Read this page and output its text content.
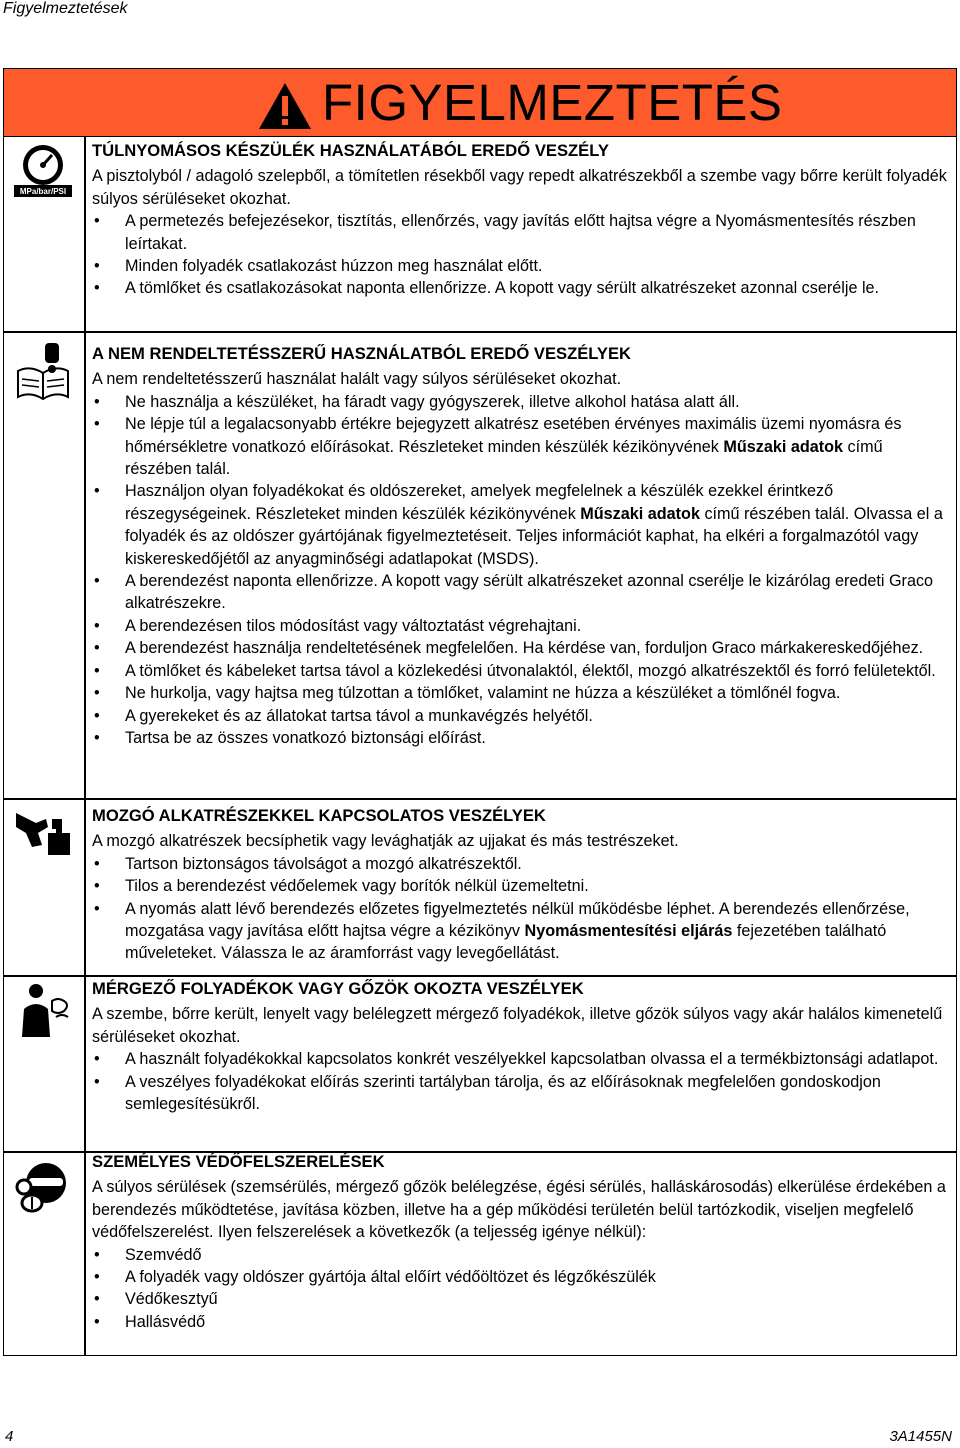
Figyelmeztetések
FIGYELMEZTETÉS
MPa/bar/PSI
TÚLNYOMÁSOS KÉSZÜLÉK HASZNÁLATÁBÓL EREDŐ VESZÉLY

A pisztolyból / adagoló szelepből, a tömítetlen résekből vagy repedt alkatrészekből a szembe vagy bőrre került folyadék súlyos sérüléseket okozhat.

• A permetezés befejezésekor, tisztítás, ellenőrzés, vagy javítás előtt hajtsa végre a Nyomásmentesítés részben leírtakat.
• Minden folyadék csatlakozást húzzon meg használat előtt.
• A tömlőket és csatlakozásokat naponta ellenőrizze. A kopott vagy sérült alkatrészeket azonnal cserélje le.
A NEM RENDELTETÉSSZERŰ HASZNÁLATBÓL EREDŐ VESZÉLYEK

A nem rendeltetésszerű használat halált vagy súlyos sérüléseket okozhat.

• Ne használja a készüléket, ha fáradt vagy gyógyszerek, illetve alkohol hatása alatt áll.
• Ne lépje túl a legalacsonyabb értékre bejegyzett alkatrész esetében érvényes maximális üzemi nyomásra és hőmérsékletre vonatkozó előírásokat. Részleteket minden készülék kézikönyvének Műszaki adatok című részében talál.
• Használjon olyan folyadékokat és oldószereket, amelyek megfelelnek a készülék ezekkel érintkező részegységeinek. Részleteket minden készülék kézikönyvének Műszaki adatok című részében talál. Olvassa el a folyadék és az oldószer gyártójának figyelmeztetéseit. Teljes információt kaphat, ha elkéri a forgalmazótól vagy kiskereskedőjétől az anyagminőségi adatlapokat (MSDS).
• A berendezést naponta ellenőrizze. A kopott vagy sérült alkatrészeket azonnal cserélje le kizárólag eredeti Graco alkatrészekre.
• A berendezésen tilos módosítást vagy változtatást végrehajtani.
• A berendezést használja rendeltetésének megfelelően. Ha kérdése van, forduljon Graco márkakereskedőjéhez.
• A tömlőket és kábeleket tartsa távol a közlekedési útvonalaktól, élektől, mozgó alkatrészektől és forró felületektől.
• Ne hurkolja, vagy hajtsa meg túlzottan a tömlőket, valamint ne húzza a készüléket a tömlőnél fogva.
• A gyerekeket és az állatokat tartsa távol a munkavégzés helyétől.
• Tartsa be az összes vonatkozó biztonsági előírást.
MOZGÓ ALKATRÉSZEKKEL KAPCSOLATOS VESZÉLYEK

A mozgó alkatrészek becsíphetik vagy levághatják az ujjakat és más testrészeket.

• Tartson biztonságos távolságot a mozgó alkatrészektől.
• Tilos a berendezést védőelemek vagy borítók nélkül üzemeltetni.
• A nyomás alatt lévő berendezés előzetes figyelmeztetés nélkül működésbe léphet. A berendezés ellenőrzése, mozgatása vagy javítása előtt hajtsa végre a kézikönyv Nyomásmentesítési eljárás fejezetében található műveleteket. Válassza le az áramforrást vagy levegőellátást.
MÉRGEZŐ FOLYADÉKOK VAGY GŐZÖK OKOZTA VESZÉLYEK

A szembe, bőrre került, lenyelt vagy belélegzett mérgező folyadékok, illetve gőzök súlyos vagy akár halálos kimenetelű sérüléseket okozhat.

• A használt folyadékokkal kapcsolatos konkrét veszélyekkel kapcsolatban olvassa el a termékbiztonsági adatlapot.
• A veszélyes folyadékokat előírás szerinti tartályban tárolja, és az előírásoknak megfelelően gondoskodjon semlegesítésükről.
SZEMÉLYES VÉDŐFELSZERELÉSEK

A súlyos sérülések (szemsérülés, mérgező gőzök belélegzése, égési sérülés, halláskárosodás) elkerülése érdekében a berendezés működtetése, javítása közben, illetve ha a gép működési területén belül tartózkodik, viseljen megfelelő védőfelszerelést. Ilyen felszerelések a következők (a teljesség igénye nélkül):

• Szemvédő
• A folyadék vagy oldószer gyártója által előírt védőöltözet és légzőkészülék
• Védőkesztyű
• Hallásvédő
4	3A1455N
